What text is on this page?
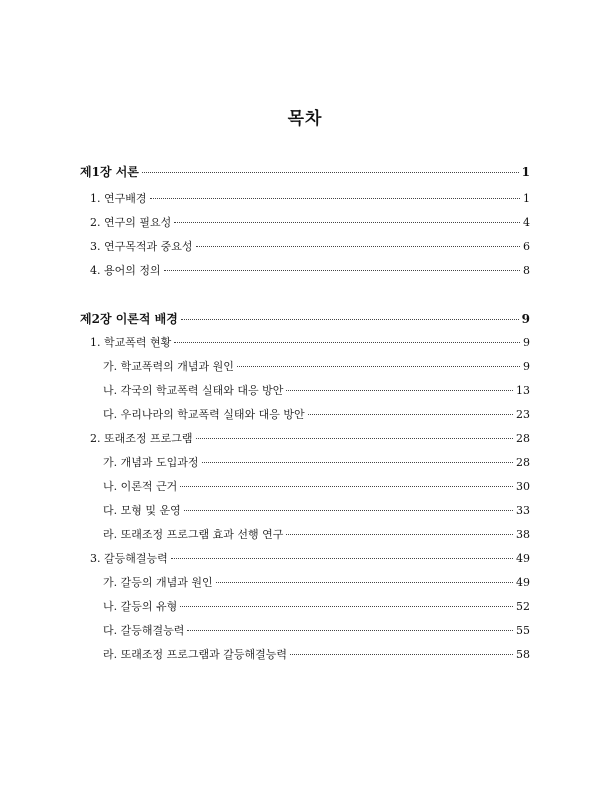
목차
제1장 서론	1
1. 연구배경	1
2. 연구의 필요성	4
3. 연구목적과 중요성	6
4. 용어의 정의	8
제2장 이론적 배경	9
1. 학교폭력 현황	9
가. 학교폭력의 개념과 원인	9
나. 각국의 학교폭력 실태와 대응 방안	13
다. 우리나라의 학교폭력 실태와 대응 방안	23
2. 또래조정 프로그램	28
가. 개념과 도입과정	28
나. 이론적 근거	30
다. 모형 및 운영	33
라. 또래조정 프로그램 효과 선행 연구	38
3. 갈등해결능력	49
가. 갈등의 개념과 원인	49
나. 갈등의 유형	52
다. 갈등해결능력	55
라. 또래조정 프로그램과 갈등해결능력	58
